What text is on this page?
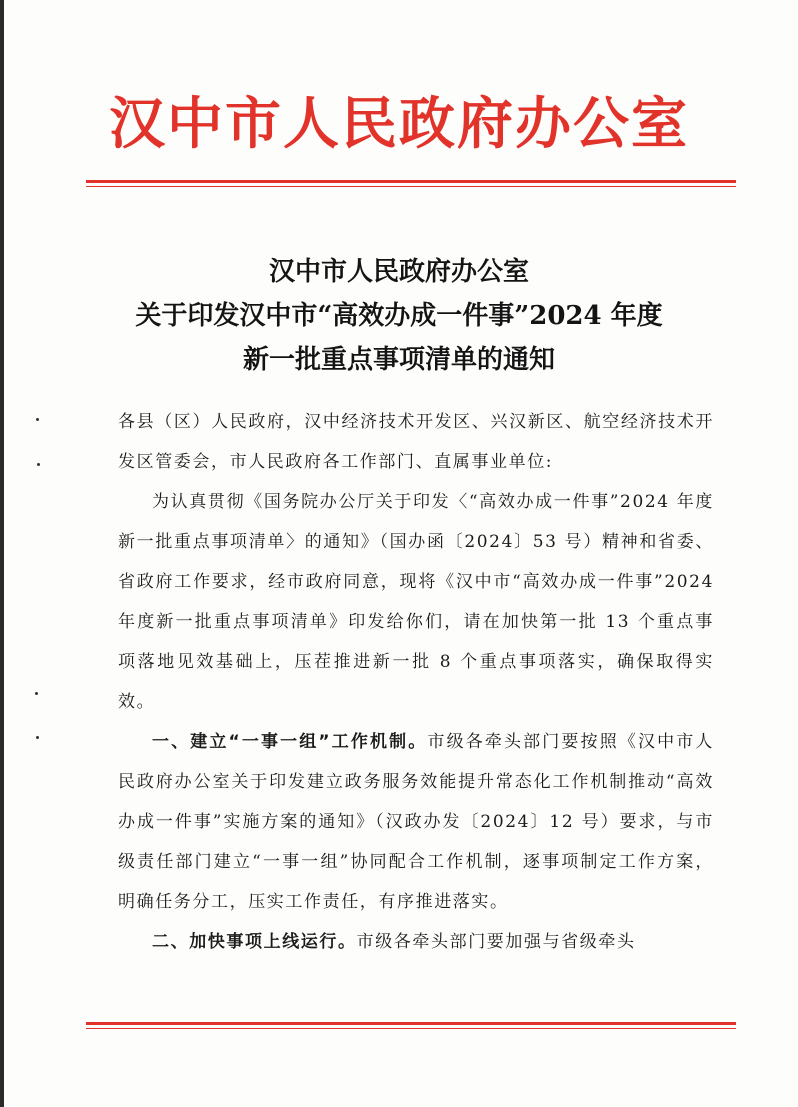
汉中市人民政府办公室
汉中市人民政府办公室
关于印发汉中市“高效办成一件事”2024 年度
新一批重点事项清单的通知

各县（区）人民政府，汉中经济技术开发区、兴汉新区、航空经济技术开发区管委会，市人民政府各工作部门、直属事业单位:

为认真贯彻《国务院办公厅关于印发〈“高效办成一件事”2024 年度新一批重点事项清单〉的通知》（国办函〔2024〕53 号）精神和省委、省政府工作要求，经市政府同意，现将《汉中市“高效办成一件事”2024 年度新一批重点事项清单》印发给你们，请在加快第一批 13 个重点事项落地见效基础上，压茬推进新一批 8 个重点事项落实，确保取得实效。

一、建立“一事一组”工作机制。市级各牵头部门要按照《汉中市人民政府办公室关于印发建立政务服务效能提升常态化工作机制推动“高效办成一件事”实施方案的通知》（汉政办发〔2024〕12 号）要求，与市级责任部门建立“一事一组”协同配合工作机制，逐事项制定工作方案，明确任务分工，压实工作责任，有序推进落实。

二、加快事项上线运行。市级各牵头部门要加强与省级牵头
